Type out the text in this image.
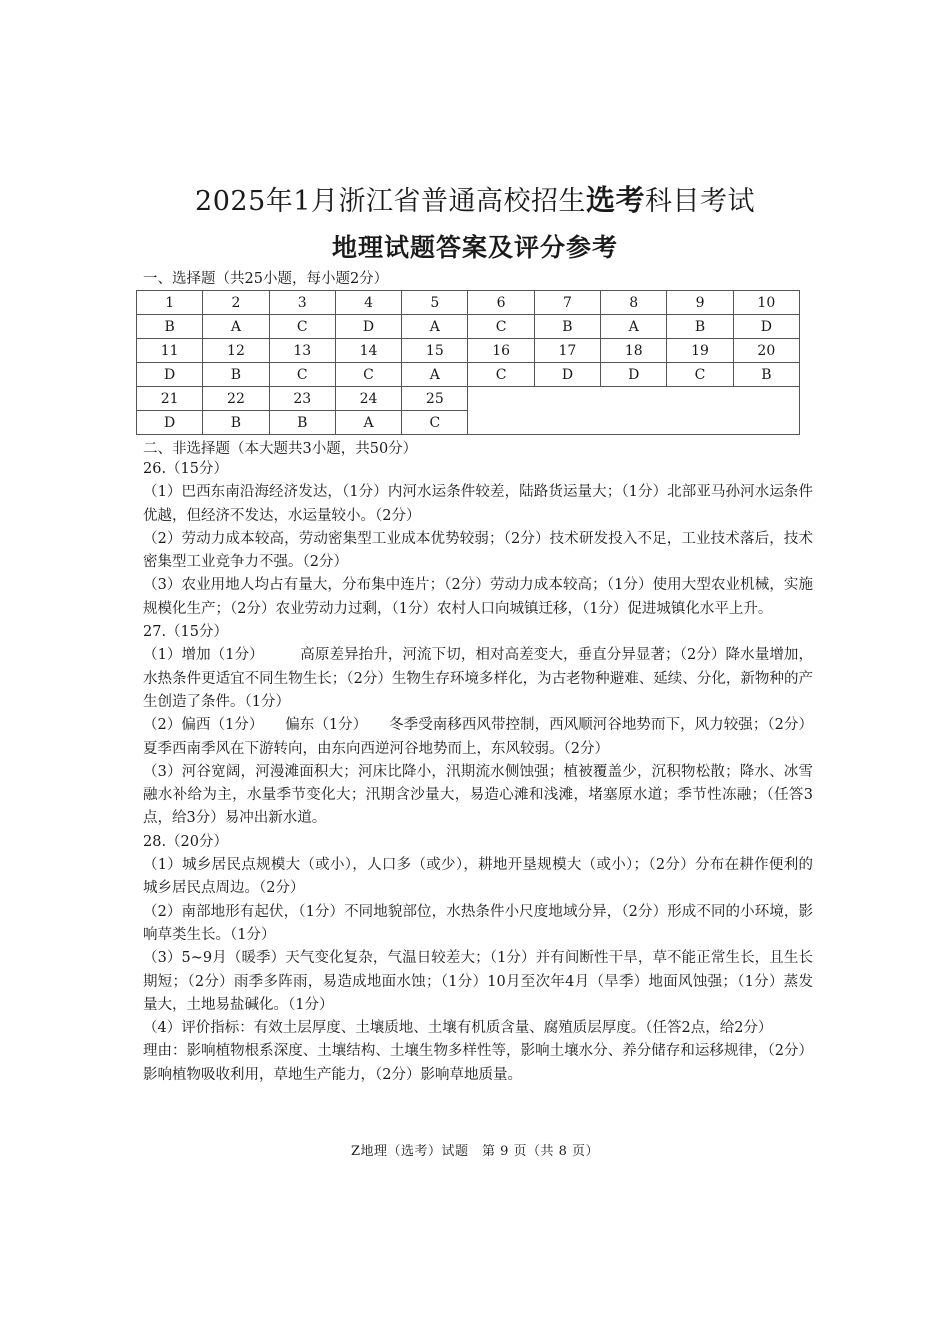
2025年1月浙江省普通高校招生选考科目考试
地理试题答案及评分参考
一、选择题（共25小题，每小题2分）
1	2	3	4	5	6	7	8	9	10
B	A	C	D	A	C	B	A	B	D
11	12	13	14	15	16	17	18	19	20
D	B	C	C	A	C	D	D	C	B
21	22	23	24	25					
D	B	B	A	C					
二、非选择题（本大题共3小题，共50分）

26.（15分）

（1）巴西东南沿海经济发达，（1分）内河水运条件较差，陆路货运量大；（1分）北部亚马孙河水运条件优越，但经济不发达，水运量较小。（2分）

（2）劳动力成本较高，劳动密集型工业成本优势较弱；（2分）技术研发投入不足，工业技术落后，技术密集型工业竞争力不强。（2分）

（3）农业用地人均占有量大，分布集中连片；（2分）劳动力成本较高；（1分）使用大型农业机械，实施规模化生产；（2分）农业劳动力过剩，（1分）农村人口向城镇迁移，（1分）促进城镇化水平上升。

27.（15分）

（1）增加（1分）　　　高原差异抬升，河流下切，相对高差变大，垂直分异显著；（2分）降水量增加，水热条件更适宜不同生物生长；（2分）生物生存环境多样化，为古老物种避难、延续、分化，新物种的产生创造了条件。（1分）

（2）偏西（1分）　　偏东（1分）　　冬季受南移西风带控制，西风顺河谷地势而下，风力较强；（2分）夏季西南季风在下游转向，由东向西逆河谷地势而上，东风较弱。（2分）

（3）河谷宽阔，河漫滩面积大；河床比降小，汛期流水侧蚀强；植被覆盖少，沉积物松散；降水、冰雪融水补给为主，水量季节变化大；汛期含沙量大，易造心滩和浅滩，堵塞原水道；季节性冻融；（任答3点，给3分）易冲出新水道。

28.（20分）

（1）城乡居民点规模大（或小），人口多（或少），耕地开垦规模大（或小）；（2分）分布在耕作便利的城乡居民点周边。（2分）

（2）南部地形有起伏，（1分）不同地貌部位，水热条件小尺度地域分异，（2分）形成不同的小环境，影响草类生长。（1分）

（3）5~9月（暖季）天气变化复杂，气温日较差大；（1分）并有间断性干旱，草不能正常生长，且生长期短；（2分）雨季多阵雨，易造成地面水蚀；（1分）10月至次年4月（旱季）地面风蚀强；（1分）蒸发量大，土地易盐碱化。（1分）

（4）评价指标：有效土层厚度、土壤质地、土壤有机质含量、腐殖质层厚度。（任答2点，给2分）

理由：影响植物根系深度、土壤结构、土壤生物多样性等，影响土壤水分、养分储存和运移规律，（2分）影响植物吸收利用，草地生产能力，（2分）影响草地质量。

Z地理（选考）试题　第 9 页（共 8 页）
